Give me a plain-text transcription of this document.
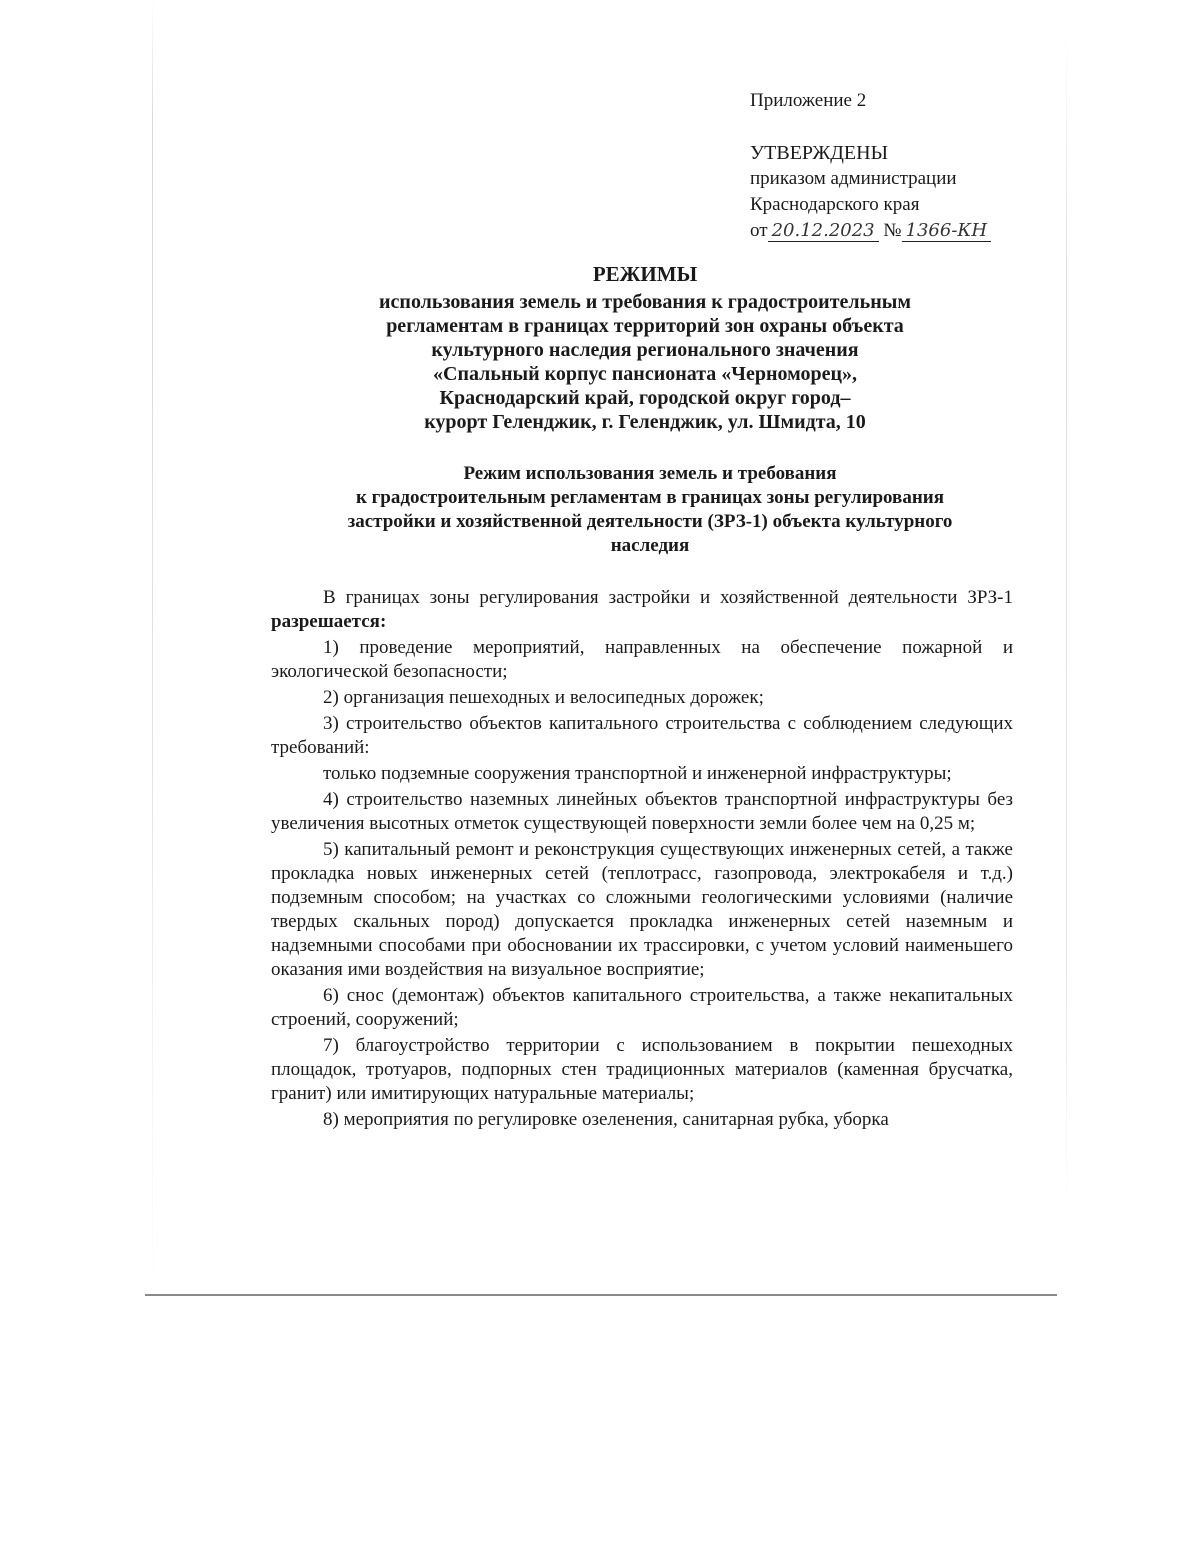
Приложение 2
УТВЕРЖДЕНЫ
приказом администрации
Краснодарского края
от 20.12.2023 № 1366-КН
РЕЖИМЫ
использования земель и требования к градостроительным
регламентам в границах территорий зон охраны объекта
культурного наследия регионального значения
«Спальный корпус пансионата «Черноморец»,
Краснодарский край, городской округ город–
курорт Геленджик, г. Геленджик, ул. Шмидта, 10
Режим использования земель и требования
к градостроительным регламентам в границах зоны регулирования
застройки и хозяйственной деятельности (ЗРЗ-1) объекта культурного
наследия

В границах зоны регулирования застройки и хозяйственной деятельности ЗРЗ-1 разрешается:

1) проведение мероприятий, направленных на обеспечение пожарной и экологической безопасности;

2) организация пешеходных и велосипедных дорожек;

3) строительство объектов капитального строительства с соблюдением следующих требований:

только подземные сооружения транспортной и инженерной инфраструктуры;

4) строительство наземных линейных объектов транспортной инфраструктуры без увеличения высотных отметок существующей поверхности земли более чем на 0,25 м;

5) капитальный ремонт и реконструкция существующих инженерных сетей, а также прокладка новых инженерных сетей (теплотрасс, газопровода, электрокабеля и т.д.) подземным способом; на участках со сложными геологическими условиями (наличие твердых скальных пород) допускается прокладка инженерных сетей наземным и надземными способами при обосновании их трассировки, с учетом условий наименьшего оказания ими воздействия на визуальное восприятие;

6) снос (демонтаж) объектов капитального строительства, а также некапитальных строений, сооружений;

7) благоустройство территории с использованием в покрытии пешеходных площадок, тротуаров, подпорных стен традиционных материалов (каменная брусчатка, гранит) или имитирующих натуральные материалы;

8) мероприятия по регулировке озеленения, санитарная рубка, уборка
